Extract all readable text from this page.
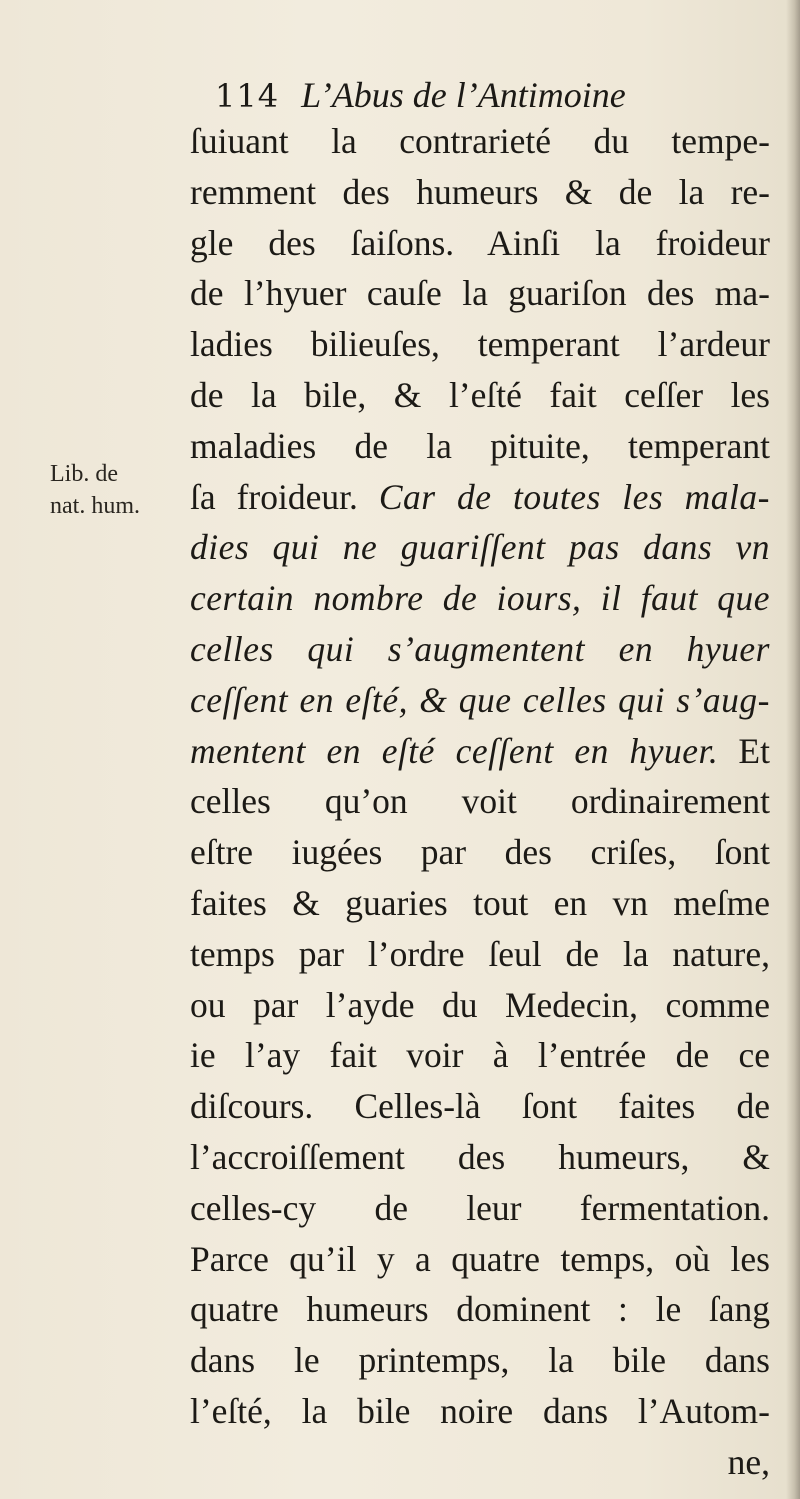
114 L’Abus de l’Antimoine
Lib. de
nat. hum.
ſuiuant la contrarieté du tempe-
remment des humeurs & de la re-
gle des ſaiſons. Ainſi la froideur
de l’hyuer cauſe la guariſon des ma-
ladies bilieuſes, temperant l’ardeur
de la bile, & l’eſté fait ceſſer les
maladies de la pituite, temperant
ſa froideur. Car de toutes les mala-
dies qui ne guariſſent pas dans vn
certain nombre de iours, il faut que
celles qui s’augmentent en hyuer
ceſſent en eſté, & que celles qui s’aug-
mentent en eſté ceſſent en hyuer. Et
celles qu’on voit ordinairement
eſtre iugées par des criſes, ſont
faites & guaries tout en vn meſme
temps par l’ordre ſeul de la nature,
ou par l’ayde du Medecin, comme
ie l’ay fait voir à l’entrée de ce
diſcours. Celles-là ſont faites de
l’accroiſſement des humeurs, &
celles-cy de leur fermentation.
Parce qu’il y a quatre temps, où les
quatre humeurs dominent : le ſang
dans le printemps, la bile dans
l’eſté, la bile noire dans l’Autom-
ne,
